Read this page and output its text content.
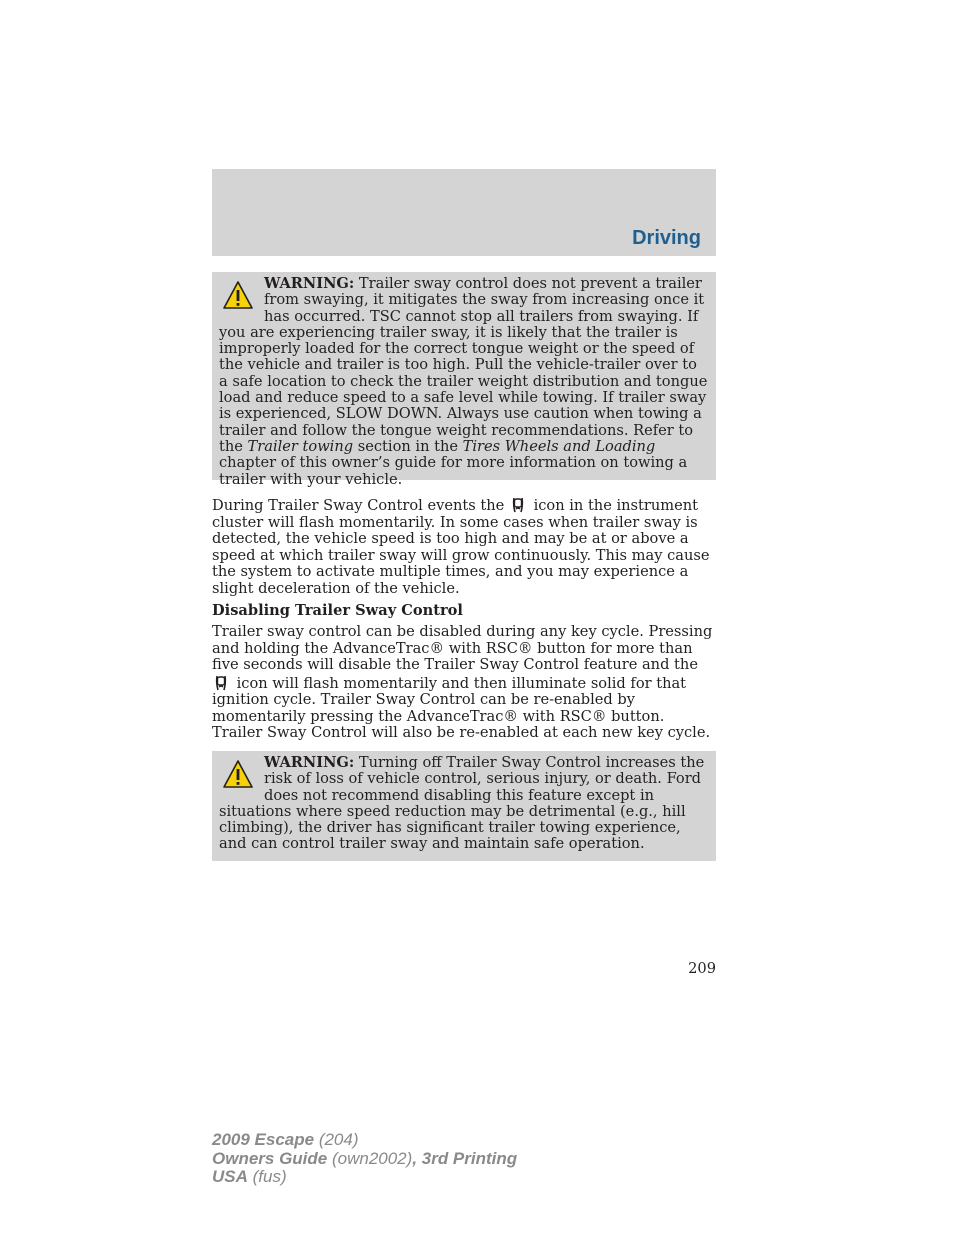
Driving
WARNING: Trailer sway control does not prevent a trailer from swaying, it mitigates the sway from increasing once it has occurred. TSC cannot stop all trailers from swaying. If you are experiencing trailer sway, it is likely that the trailer is improperly loaded for the correct tongue weight or the speed of the vehicle and trailer is too high. Pull the vehicle-trailer over to a safe location to check the trailer weight distribution and tongue load and reduce speed to a safe level while towing. If trailer sway is experienced, SLOW DOWN. Always use caution when towing a trailer and follow the tongue weight recommendations. Refer to the Trailer towing section in the Tires Wheels and Loading chapter of this owner’s guide for more information on towing a trailer with your vehicle.
During Trailer Sway Control events the  icon in the instrument cluster will flash momentarily. In some cases when trailer sway is detected, the vehicle speed is too high and may be at or above a speed at which trailer sway will grow continuously. This may cause the system to activate multiple times, and you may experience a slight deceleration of the vehicle.
Disabling Trailer Sway Control
Trailer sway control can be disabled during any key cycle. Pressing and holding the AdvanceTrac® with RSC® button for more than five seconds will disable the Trailer Sway Control feature and the  icon will flash momentarily and then illuminate solid for that ignition cycle. Trailer Sway Control can be re-enabled by momentarily pressing the AdvanceTrac® with RSC® button. Trailer Sway Control will also be re-enabled at each new key cycle.
WARNING: Turning off Trailer Sway Control increases the risk of loss of vehicle control, serious injury, or death. Ford does not recommend disabling this feature except in situations where speed reduction may be detrimental (e.g., hill climbing), the driver has significant trailer towing experience, and can control trailer sway and maintain safe operation.
209
2009 Escape (204)
Owners Guide (own2002), 3rd Printing
USA (fus)
